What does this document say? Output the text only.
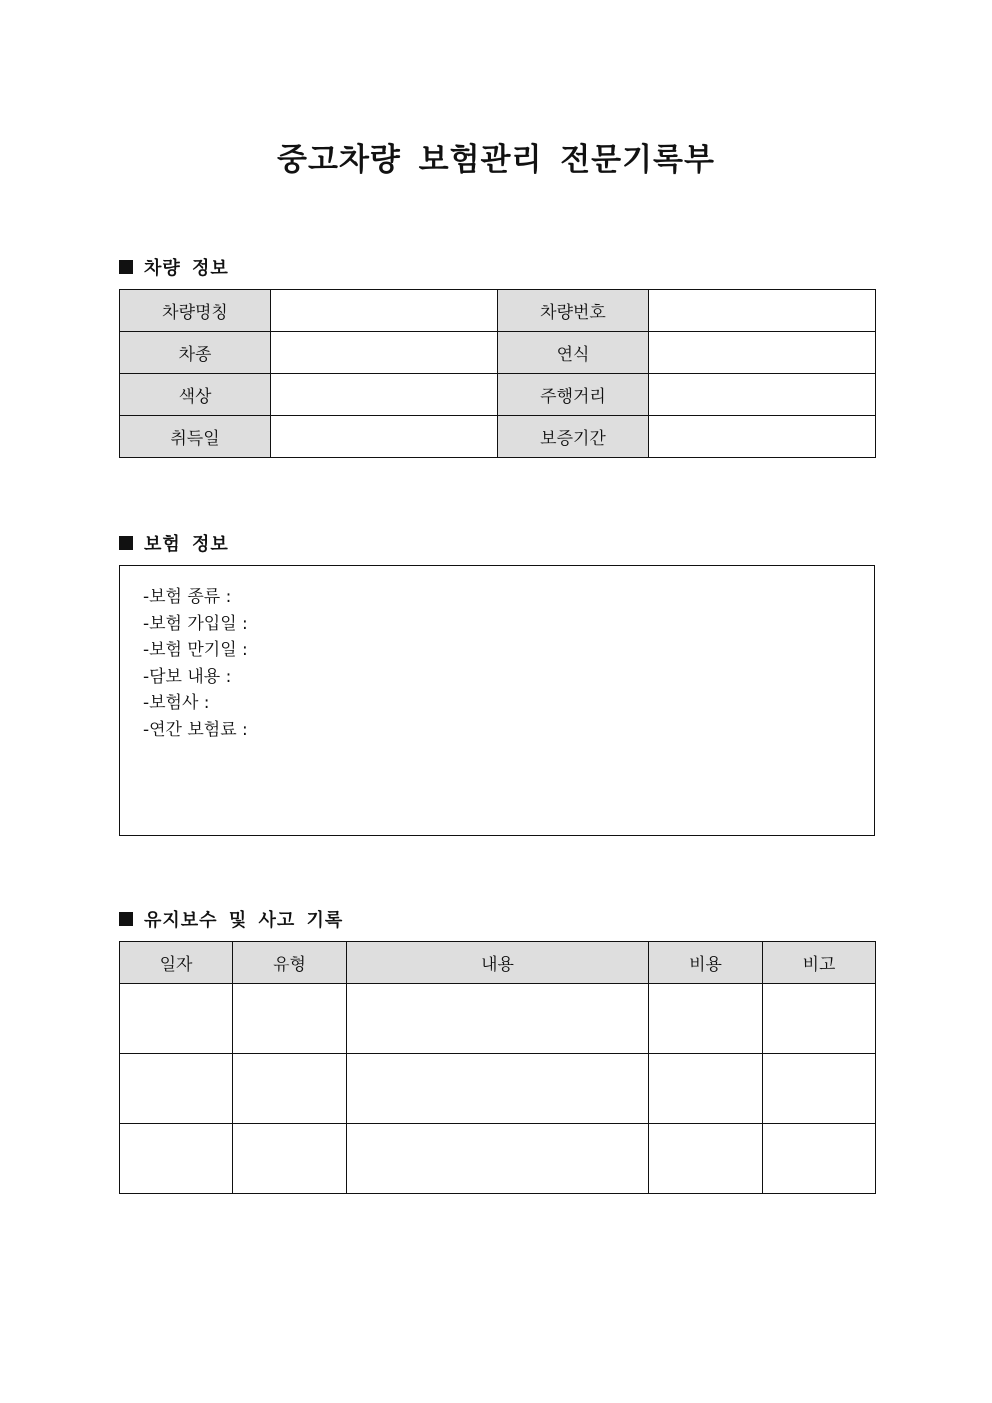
중고차량 보험관리 전문기록부
차량 정보
차량명칭		차량번호	
차종		연식	
색상		주행거리	
취득일		보증기간	
보험 정보
-보험 종류 :
-보험 가입일 :
-보험 만기일 :
-담보 내용 :
-보험사 :
-연간 보험료 :
유지보수 및 사고 기록
일자	유형	내용	비용	비고
